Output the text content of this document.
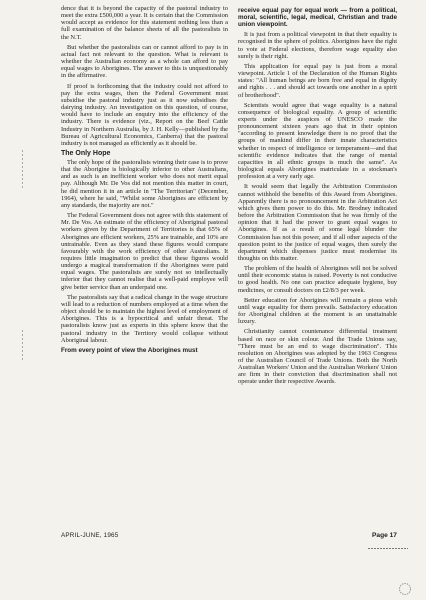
dence that it is beyond the capacity of the pastoral industry to meet the extra £500,000 a year. It is certain that the Commission would accept as evidence for this statement nothing less than a full examination of the balance sheets of all the pastoralists in the N.T.

But whether the pastoralists can or cannot afford to pay is in actual fact not relevant to the question. What is relevant is whether the Australian economy as a whole can afford to pay equal wages to Aborigines. The answer to this is unquestionably in the affirmative.

If proof is forthcoming that the industry could not afford to pay the extra wages, then the Federal Government must subsidise the pastoral industry just as it now subsidises the dairying industry. An investigation on this question, of course, would have to include an enquiry into the efficiency of the industry. There is evidence (viz., Report on the Beef Cattle Industry in Northern Australia, by J. H. Kelly—published by the Bureau of Agricultural Economics, Canberra) that the pastoral industry is not managed as efficiently as it should be.

The Only Hope

The only hope of the pastoralists winning their case is to prove that the Aborigine is biologically inferior to other Australians, and as such is an inefficient worker who does not merit equal pay. Although Mr. De Vos did not mention this matter in court, he did mention it in an article in "The Territorian" (December, 1964), where he said, "Whilst some Aborigines are efficient by any standards, the majority are not."

The Federal Government does not agree with this statement of Mr. De Vos. An estimate of the efficiency of Aboriginal pastoral workers given by the Department of Territories is that 65% of Aborigines are efficient workers, 25% are trainable, and 10% are untrainable. Even as they stand these figures would compare favourably with the work efficiency of other Australians. It requires little imagination to predict that these figures would undergo a magical transformation if the Aborigines were paid equal wages. The pastoralists are surely not so intellectually inferior that they cannot realise that a well-paid employee will give better service than an underpaid one.

The pastoralists say that a radical change in the wage structure will lead to a reduction of numbers employed at a time when the object should be to maintain the highest level of employment of Aborigines. This is a hypocritical and unfair threat. The pastoralists know just as experts in this sphere know that the pastoral industry in the Territory would collapse without Aboriginal labour.

From every point of view the Aborigines must

receive equal pay for equal work — from a political, moral, scientific, legal, medical, Christian and trade union viewpoint.

It is just from a political viewpoint in that their equality is recognised in the sphere of politics. Aborigines have the right to vote at Federal elections, therefore wage equality also surely is their right.

This application for equal pay is just from a moral viewpoint. Article 1 of the Declaration of the Human Rights states: "All human beings are born free and equal in dignity and rights . . . and should act towards one another in a spirit of brotherhood".

Scientists would agree that wage equality is a natural consequence of biological equality. A group of scientific experts under the auspices of UNESCO made the pronouncement sixteen years ago that in their opinion "according to present knowledge there is no proof that the groups of mankind differ in their innate characteristics whether in respect of intelligence or temperament—and that scientific evidence indicates that the range of mental capacities in all ethnic groups is much the same". As biological equals Aborigines matriculate in a stockman's profession at a very early age.

It would seem that legally the Arbitration Commission cannot withhold the benefits of this Award from Aborigines. Apparently there is no pronouncement in the Arbitration Act which gives them power to do this. Mr. Brodney indicated before the Arbitration Commission that he was firmly of the opinion that it had the power to grant equal wages to Aborigines. If as a result of some legal blunder the Commission has not this power, and if all other aspects of the question point to the justice of equal wages, then surely the department which dispenses justice must modernise its thoughts on this matter.

The problem of the health of Aborigines will not be solved until their economic status is raised. Poverty is not conducive to good health. No one can practice adequate hygiene, buy medicines, or consult doctors on £2/8/3 per week.

Better education for Aborigines will remain a pious wish until wage equality for them prevails. Satisfactory education for Aboriginal children at the moment is an unattainable luxury.

Christianity cannot countenance differential treatment based on race or skin colour. And the Trade Unions say, "There must be an end to wage discrimination". This resolution on Aborigines was adopted by the 1963 Congress of the Australian Council of Trade Unions. Both the North Australian Workers' Union and the Australian Workers' Union are firm in their conviction that discrimination shall not operate under their respective Awards.

APRIL-JUNE, 1965	Page 17
